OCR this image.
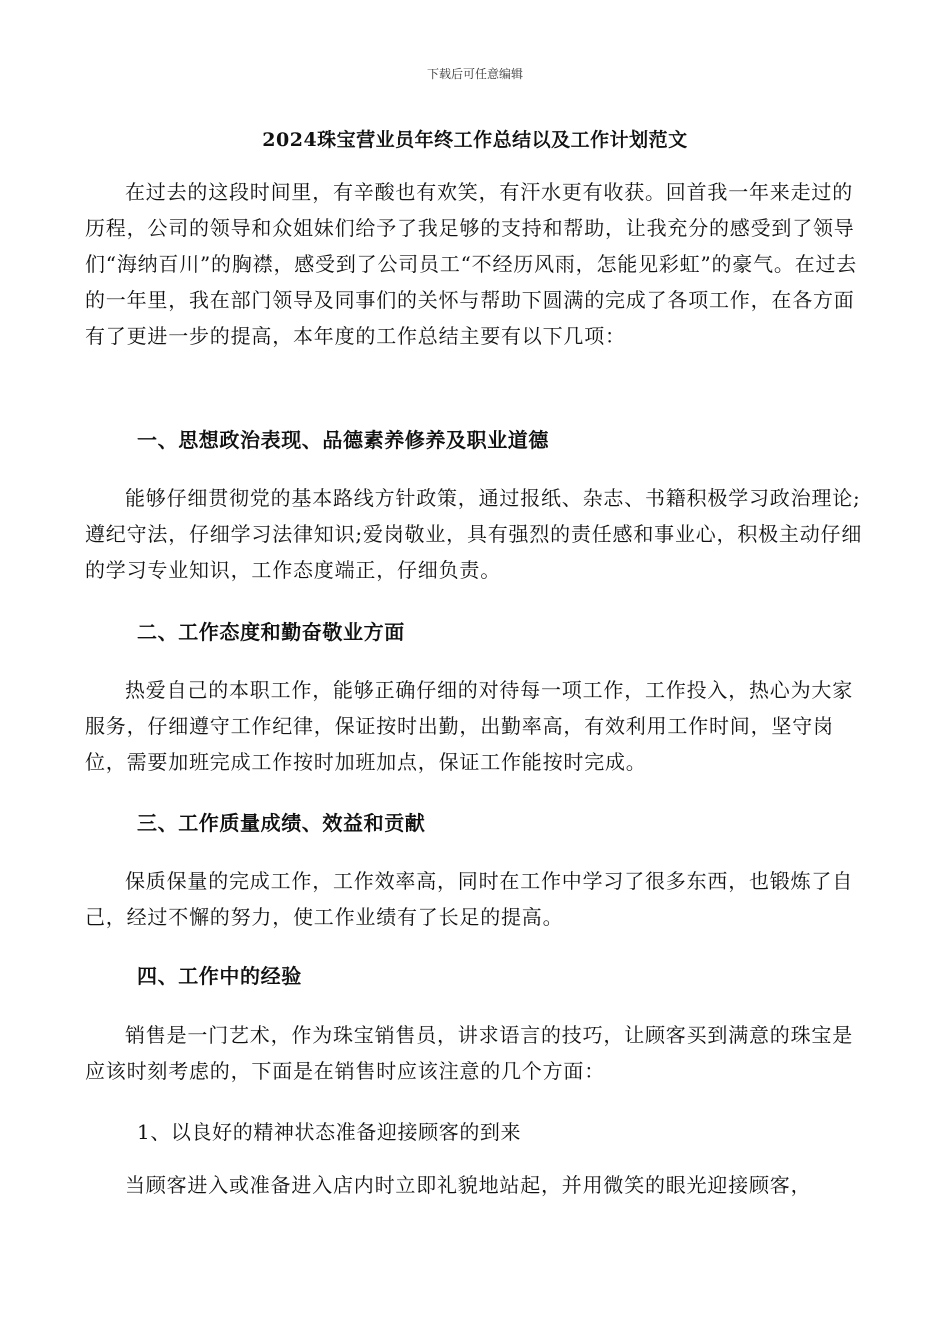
下载后可任意编辑
2024珠宝营业员年终工作总结以及工作计划范文
在过去的这段时间里，有辛酸也有欢笑，有汗水更有收获。回首我一年来走过的历程，公司的领导和众姐妹们给予了我足够的支持和帮助，让我充分的感受到了领导们“海纳百川”的胸襟，感受到了公司员工“不经历风雨，怎能见彩虹”的豪气。在过去的一年里，我在部门领导及同事们的关怀与帮助下圆满的完成了各项工作，在各方面有了更进一步的提高，本年度的工作总结主要有以下几项：
一、思想政治表现、品德素养修养及职业道德
能够仔细贯彻党的基本路线方针政策，通过报纸、杂志、书籍积极学习政治理论;遵纪守法，仔细学习法律知识;爱岗敬业，具有强烈的责任感和事业心，积极主动仔细的学习专业知识，工作态度端正，仔细负责。
二、工作态度和勤奋敬业方面
热爱自己的本职工作，能够正确仔细的对待每一项工作，工作投入，热心为大家服务，仔细遵守工作纪律，保证按时出勤，出勤率高，有效利用工作时间，坚守岗位，需要加班完成工作按时加班加点，保证工作能按时完成。
三、工作质量成绩、效益和贡献
保质保量的完成工作，工作效率高，同时在工作中学习了很多东西，也锻炼了自己，经过不懈的努力，使工作业绩有了长足的提高。
四、工作中的经验
销售是一门艺术，作为珠宝销售员，讲求语言的技巧，让顾客买到满意的珠宝是应该时刻考虑的，下面是在销售时应该注意的几个方面：
1、以良好的精神状态准备迎接顾客的到来
当顾客进入或准备进入店内时立即礼貌地站起，并用微笑的眼光迎接顾客，
